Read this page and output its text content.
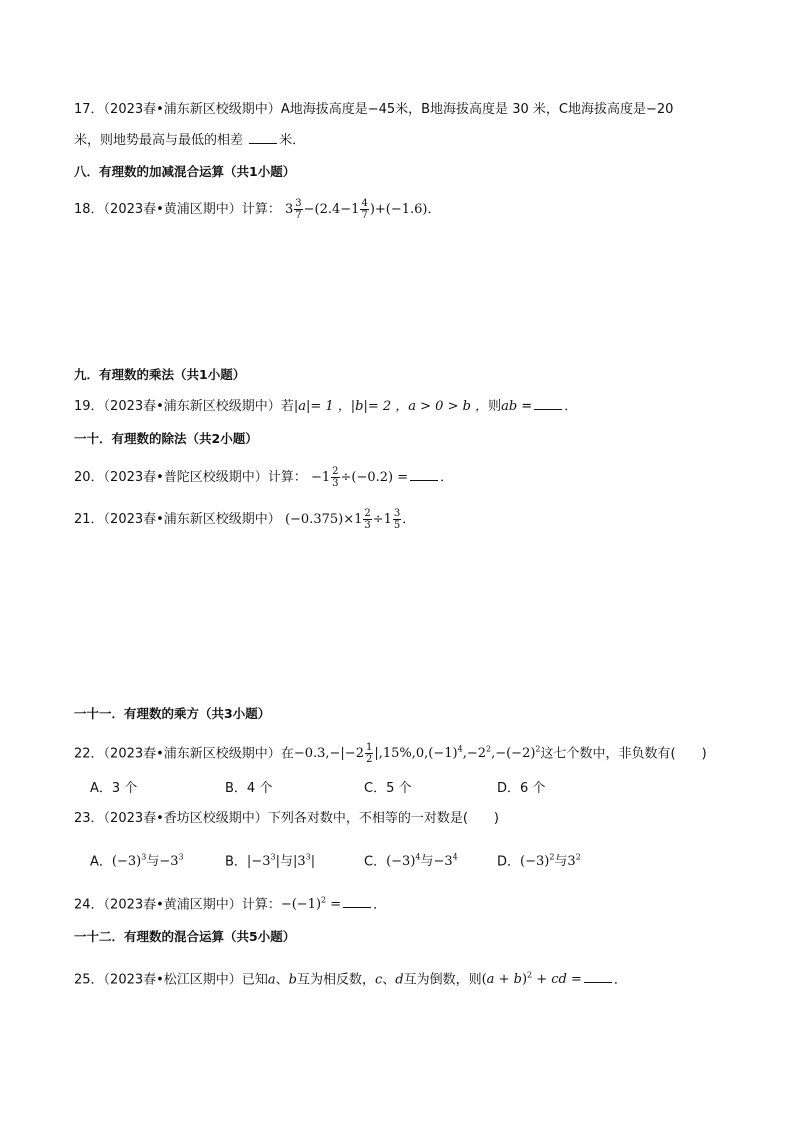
17．（2023春•浦东新区校级期中）A地海拔高度是−45米，B地海拔高度是 30 米，C地海拔高度是−20
米，则地势最高与最低的相差	米．
八．有理数的加减混合运算（共1小题）
18．（2023春•黄浦区期中）计算： $3 \frac{3}{7} -(2.4-1 \frac{4}{7} )+(-1.6)$．
九．有理数的乘法（共1小题）
19．（2023春•浦东新区校级期中）若|a|= 1 ，|b|= 2 ，a > 0 > b ，则ab = ．
一十．有理数的除法（共2小题）
20．（2023春•普陀区校级期中）计算： $-1 \frac{2}{3} \div(-0.2)$ = ．
21．（2023春•浦东新区校级期中） $(-0.375)\times 1 \frac{2}{3} \div 1 \frac{3}{5}$ ．
一十一．有理数的乘方（共3小题）
22．（2023春•浦东新区校级期中）在$-0.3,-|-2 \frac{1}{2} |,15\%,0,(-1)^4,-2^2,-(-2)^2$这七个数中，非负数有(　　)
A．3 个	B．4 个	C．5 个	D．6 个
23．（2023春•香坊区校级期中）下列各对数中，不相等的一对数是(　　)
A．$(-3)^3$与$-3^3$	B．$|-3^3|$与$|3^3|$	C．$(-3)^4$与$-3^4$	D．$(-3)^2$与$3^2$
24．（2023春•黄浦区期中）计算：$-(-1)^2$ = ．
一十二．有理数的混合运算（共5小题）
25．（2023春•松江区期中）已知a、b互为相反数，c、d互为倒数，则$(a + b)^2$ + cd = ．
